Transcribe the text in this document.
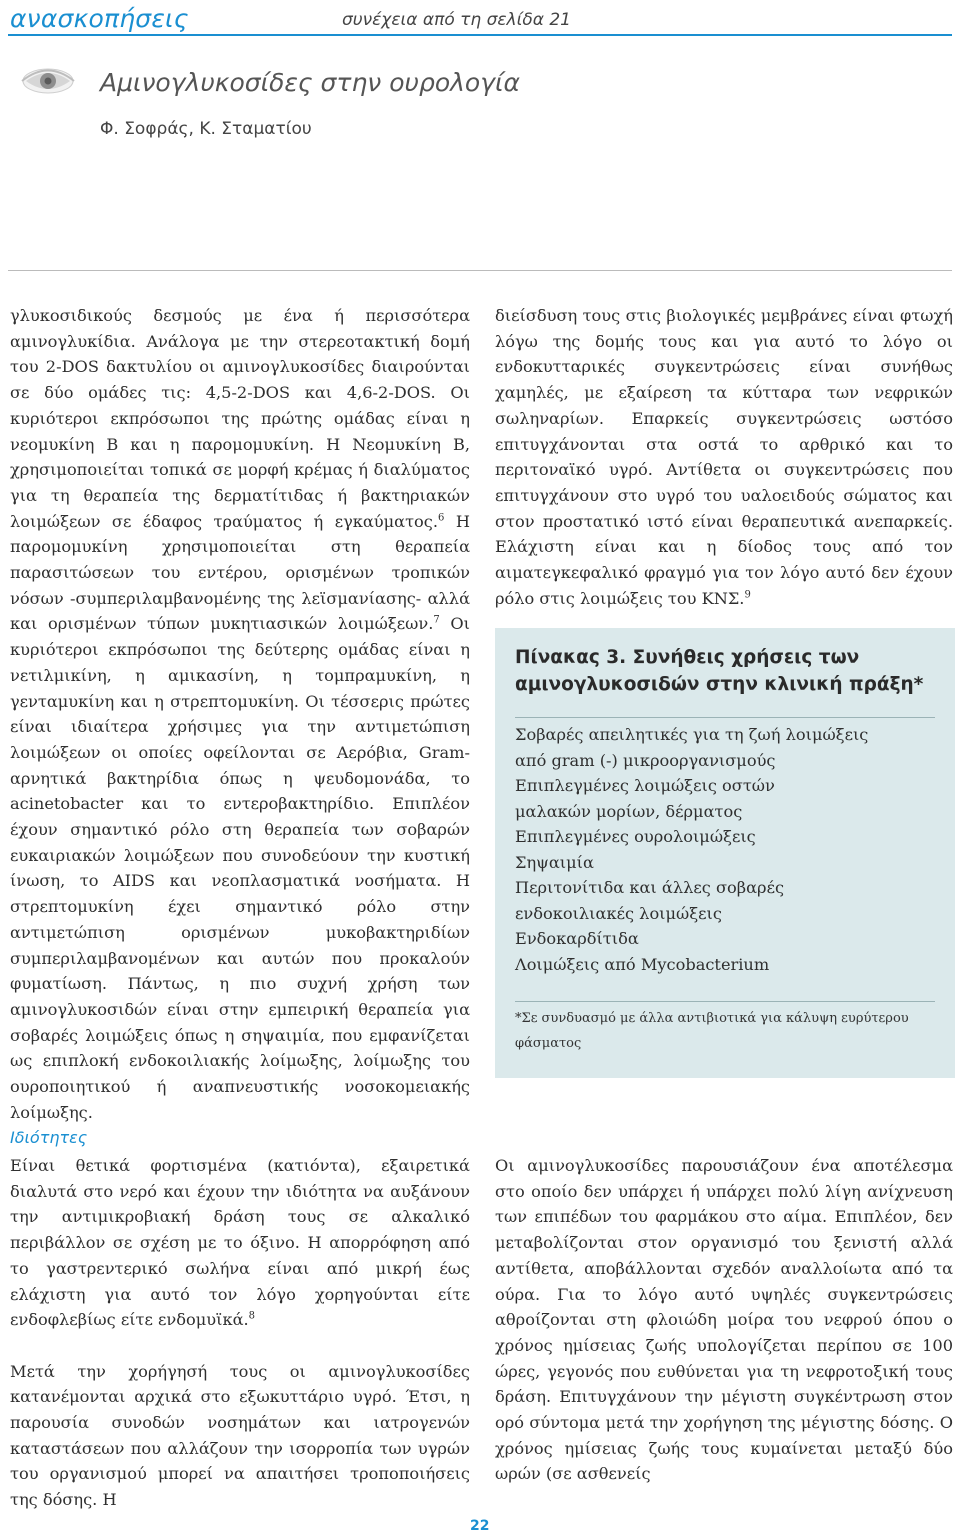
ανασκοπήσεις	συνέχεια από τη σελίδα 21
Αμινογλυκοσίδες στην ουρολογία
Φ. Σοφράς, Κ. Σταματίου

γλυκοσιδικούς δεσμούς με ένα ή περισσότερα αμινογλυκίδια. Ανάλογα με την στερεοτακτική δομή του 2-DOS δακτυλίου οι αμινογλυκοσίδες διαιρούνται σε δύο ομάδες τις: 4,5-2-DOS και 4,6-2-DOS. Οι κυριότεροι εκπρόσωποι της πρώτης ομάδας είναι η νεομυκίνη Β και η παρομομυκίνη. Η Νεομυκίνη Β, χρησιμοποιείται τοπικά σε μορφή κρέμας ή διαλύματος για τη θεραπεία της δερματίτιδας ή βακτηριακών λοιμώξεων σε έδαφος τραύματος ή εγκαύματος.$^6$ Η παρομομυκίνη χρησιμοποιείται στη θεραπεία παρασιτώσεων του εντέρου, ορισμένων τροπικών νόσων -συμπεριλαμβανομένης της λεϊσμανίασης- αλλά και ορισμένων τύπων μυκητιασικών λοιμώξεων.$^7$ Οι κυριότεροι εκπρόσωποι της δεύτερης ομάδας είναι η νετιλμικίνη, η αμικασίνη, η τομπραμυκίνη, η γενταμυκίνη και η στρεπτομυκίνη. Οι τέσσερις πρώτες είναι ιδιαίτερα χρήσιμες για την αντιμετώπιση λοιμώξεων οι οποίες οφείλονται σε Αερόβια, Gram-αρνητικά βακτηρίδια όπως η ψευδομονάδα, το acinetobacter και το εντεροβακτηρίδιο. Επιπλέον έχουν σημαντικό ρόλο στη θεραπεία των σοβαρών ευκαιριακών λοιμώξεων που συνοδεύουν την κυστική ίνωση, το AIDS και νεοπλασματικά νοσήματα. Η στρεπτομυκίνη έχει σημαντικό ρόλο στην αντιμετώπιση ορισμένων μυκοβακτηριδίων συμπεριλαμβανομένων και αυτών που προκαλούν φυματίωση. Πάντως, η πιο συχνή χρήση των αμινογλυκοσιδών είναι στην εμπειρική θεραπεία για σοβαρές λοιμώξεις όπως η σηψαιμία, που εμφανίζεται ως επιπλοκή ενδοκοιλιακής λοίμωξης, λοίμωξης του ουροποιητικού ή αναπνευστικής νοσοκομειακής λοίμωξης.

διείσδυση τους στις βιολογικές μεμβράνες είναι φτωχή λόγω της δομής τους και για αυτό το λόγο οι ενδοκυτταρικές συγκεντρώσεις είναι συνήθως χαμηλές, με εξαίρεση τα κύτταρα των νεφρικών σωληναρίων. Επαρκείς συγκεντρώσεις ωστόσο επιτυγχάνονται στα οστά το αρθρικό και το περιτοναϊκό υγρό. Αντίθετα οι συγκεντρώσεις που επιτυγχάνουν στο υγρό του υαλοειδούς σώματος και στον προστατικό ιστό είναι θεραπευτικά ανεπαρκείς. Ελάχιστη είναι και η δίοδος τους από τον αιματεγκεφαλικό φραγμό για τον λόγο αυτό δεν έχουν ρόλο στις λοιμώξεις του ΚΝΣ.$^9$

Πίνακας 3. Συνήθεις χρήσεις των αμινογλυκοσιδών στην κλινική πράξη*

Σοβαρές απειλητικές για τη ζωή λοιμώξεις
από gram (-) μικροοργανισμούς
Επιπλεγμένες λοιμώξεις οστών
μαλακών μορίων, δέρματος
Επιπλεγμένες ουρολοιμώξεις
Σηψαιμία
Περιτονίτιδα και άλλες σοβαρές
ενδοκοιλιακές λοιμώξεις
Ενδοκαρδίτιδα
Λοιμώξεις από Mycobacterium

*Σε συνδυασμό με άλλα αντιβιοτικά για κάλυψη ευρύτερου φάσματος

Ιδιότητες

Είναι θετικά φορτισμένα (κατιόντα), εξαιρετικά διαλυτά στο νερό και έχουν την ιδιότητα να αυξάνουν την αντιμικροβιακή δράση τους σε αλκαλικό περιβάλλον σε σχέση με το όξινο. Η απορρόφηση από το γαστρεντερικό σωλήνα είναι από μικρή έως ελάχιστη για αυτό τον λόγο χορηγούνται είτε ενδοφλεβίως είτε ενδομυϊκά.$^8$

Μετά την χορήγησή τους οι αμινογλυκοσίδες κατανέμονται αρχικά στο εξωκυττάριο υγρό. Έτσι, η παρουσία συνοδών νοσημάτων και ιατρογενών καταστάσεων που αλλάζουν την ισορροπία των υγρών του οργανισμού μπορεί να απαιτήσει τροποποιήσεις της δόσης. Η

Οι αμινογλυκοσίδες παρουσιάζουν ένα αποτέλεσμα στο οποίο δεν υπάρχει ή υπάρχει πολύ λίγη ανίχνευση των επιπέδων του φαρμάκου στο αίμα. Επιπλέον, δεν μεταβολίζονται στον οργανισμό του ξενιστή αλλά αντίθετα, αποβάλλονται σχεδόν αναλλοίωτα από τα ούρα. Για το λόγο αυτό υψηλές συγκεντρώσεις αθροίζονται στη φλοιώδη μοίρα του νεφρού όπου ο χρόνος ημίσειας ζωής υπολογίζεται περίπου σε 100 ώρες, γεγονός που ευθύνεται για τη νεφροτοξική τους δράση. Επιτυγχάνουν την μέγιστη συγκέντρωση στον ορό σύντομα μετά την χορήγηση της μέγιστης δόσης. Ο χρόνος ημίσειας ζωής τους κυμαίνεται μεταξύ δύο ωρών (σε ασθενείς

22
